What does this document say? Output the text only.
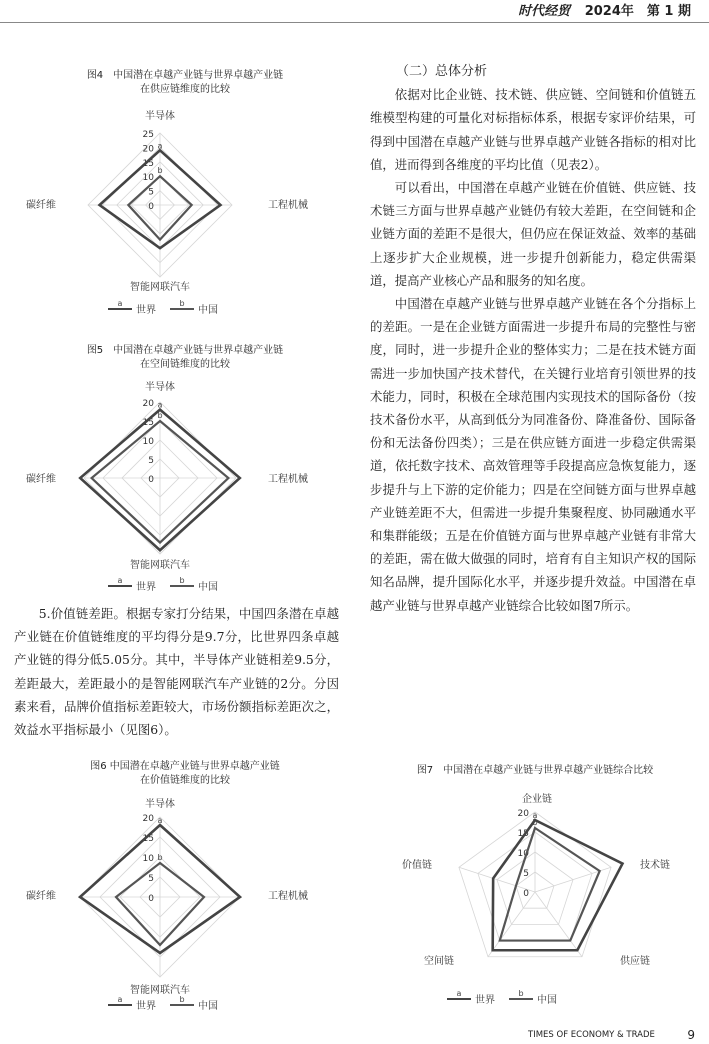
时代经贸 2024年　第 1 期
图4　中国潜在卓越产业链与世界卓越产业链
在供应链维度的比较
25
20
15
10
5
0
a
b
半导体
工程机械
智能网联汽车
碳纤维
a
世界
b
中国
图5　中国潜在卓越产业链与世界卓越产业链
在空间链维度的比较
20
15
10
5
0
a
b
半导体
工程机械
智能网联汽车
碳纤维
a
世界
b
中国

5.价值链差距。根据专家打分结果，中国四条潜在卓越产业链在价值链维度的平均得分是9.7分，比世界四条卓越产业链的得分低5.05分。其中，半导体产业链相差9.5分，差距最大，差距最小的是智能网联汽车产业链的2分。分因素来看，品牌价值指标差距较大，市场份额指标差距次之，效益水平指标最小（见图6）。

图6 中国潜在卓越产业链与世界卓越产业链
在价值链维度的比较
20
15
10
5
0
a
b
半导体
工程机械
智能网联汽车
碳纤维
a
世界
b
中国
（二）总体分析

依据对比企业链、技术链、供应链、空间链和价值链五维模型构建的可量化对标指标体系，根据专家评价结果，可得到中国潜在卓越产业链与世界卓越产业链各指标的相对比值，进而得到各维度的平均比值（见表2）。

可以看出，中国潜在卓越产业链在价值链、供应链、技术链三方面与世界卓越产业链仍有较大差距，在空间链和企业链方面的差距不是很大，但仍应在保证效益、效率的基础上逐步扩大企业规模，进一步提升创新能力，稳定供需渠道，提高产业核心产品和服务的知名度。

中国潜在卓越产业链与世界卓越产业链在各个分指标上的差距。一是在企业链方面需进一步提升布局的完整性与密度，同时，进一步提升企业的整体实力；二是在技术链方面需进一步加快国产技术替代，在关键行业培育引领世界的技术能力，同时，积极在全球范围内实现技术的国际备份（按技术备份水平，从高到低分为同准备份、降准备份、国际备份和无法备份四类）；三是在供应链方面进一步稳定供需渠道，依托数字技术、高效管理等手段提高应急恢复能力，逐步提升与上下游的定价能力；四是在空间链方面与世界卓越产业链差距不大，但需进一步提升集聚程度、协同融通水平和集群能级；五是在价值链方面与世界卓越产业链有非常大的差距，需在做大做强的同时，培育有自主知识产权的国际知名品牌，提升国际化水平，并逐步提升效益。中国潜在卓越产业链与世界卓越产业链综合比较如图7所示。

图7　中国潜在卓越产业链与世界卓越产业链综合比较
20
15
10
5
0
a
b
企业链
技术链
供应链
空间链
价值链
a
世界
b
中国
TIMES OF ECONOMY & TRADE	9
